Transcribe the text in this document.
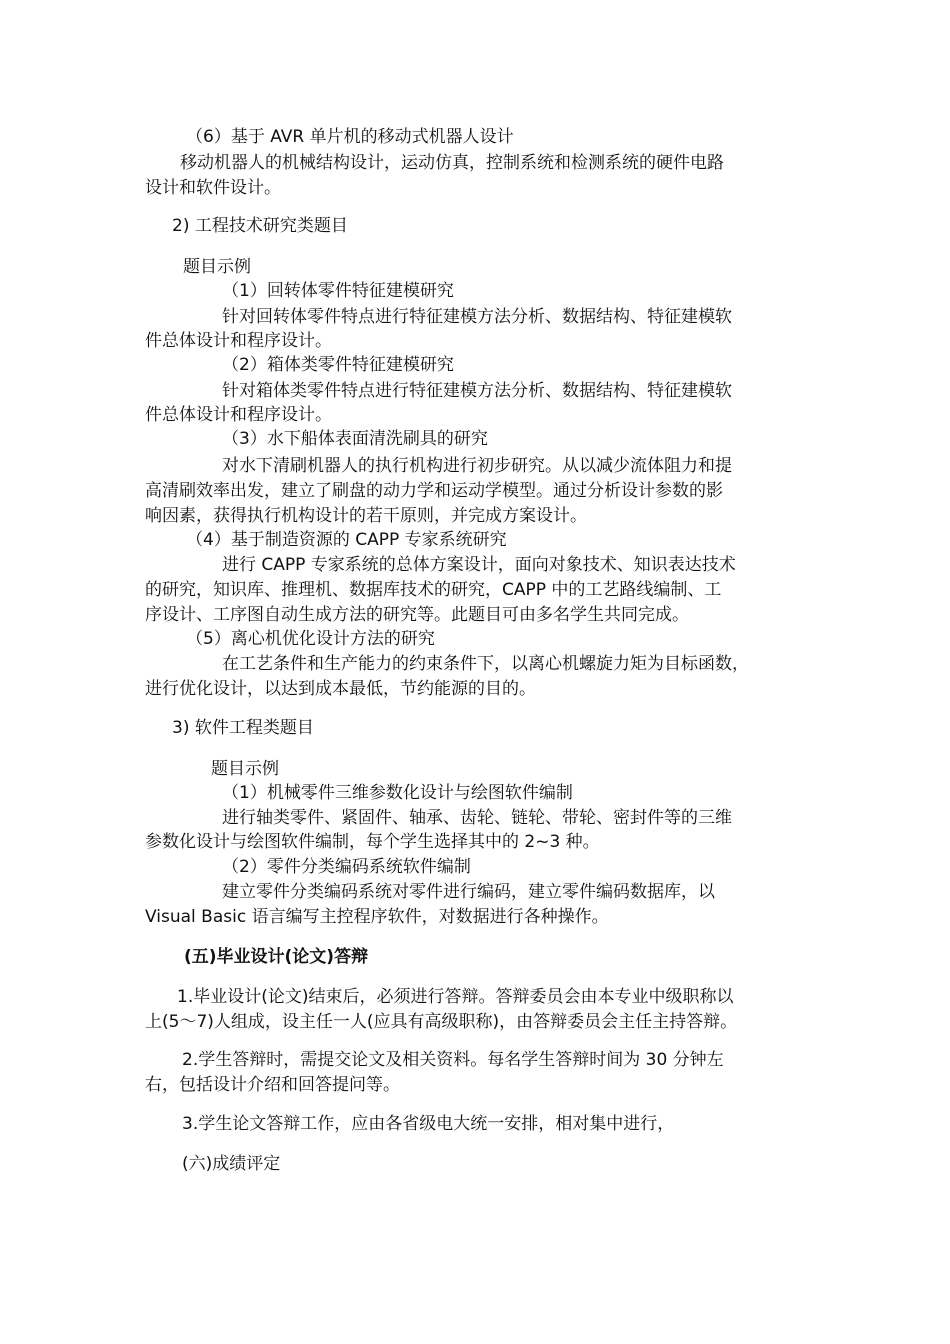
（6）基于 AVR 单片机的移动式机器人设计

移动机器人的机械结构设计，运动仿真，控制系统和检测系统的硬件电路

设计和软件设计。

2) 工程技术研究类题目

题目示例

（1）回转体零件特征建模研究

针对回转体零件特点进行特征建模方法分析、数据结构、特征建模软

件总体设计和程序设计。

（2）箱体类零件特征建模研究

针对箱体类零件特点进行特征建模方法分析、数据结构、特征建模软

件总体设计和程序设计。

（3）水下船体表面清洗刷具的研究

对水下清刷机器人的执行机构进行初步研究。从以减少流体阻力和提

高清刷效率出发，建立了刷盘的动力学和运动学模型。通过分析设计参数的影

响因素，获得执行机构设计的若干原则，并完成方案设计。

（4）基于制造资源的 CAPP 专家系统研究

进行 CAPP 专家系统的总体方案设计，面向对象技术、知识表达技术

的研究，知识库、推理机、数据库技术的研究，CAPP 中的工艺路线编制、工

序设计、工序图自动生成方法的研究等。此题目可由多名学生共同完成。

（5）离心机优化设计方法的研究

在工艺条件和生产能力的约束条件下，以离心机螺旋力矩为目标函数，

进行优化设计，以达到成本最低，节约能源的目的。

3) 软件工程类题目

题目示例

（1）机械零件三维参数化设计与绘图软件编制

进行轴类零件、紧固件、轴承、齿轮、链轮、带轮、密封件等的三维

参数化设计与绘图软件编制，每个学生选择其中的 2~3 种。

（2）零件分类编码系统软件编制

建立零件分类编码系统对零件进行编码，建立零件编码数据库，以

Visual Basic 语言编写主控程序软件，对数据进行各种操作。

(五)毕业设计(论文)答辩

1.毕业设计(论文)结束后，必须进行答辩。答辩委员会由本专业中级职称以

上(5～7)人组成，设主任一人(应具有高级职称)，由答辩委员会主任主持答辩。

2.学生答辩时，需提交论文及相关资料。每名学生答辩时间为 30 分钟左

右，包括设计介绍和回答提问等。

3.学生论文答辩工作，应由各省级电大统一安排，相对集中进行，

(六)成绩评定
